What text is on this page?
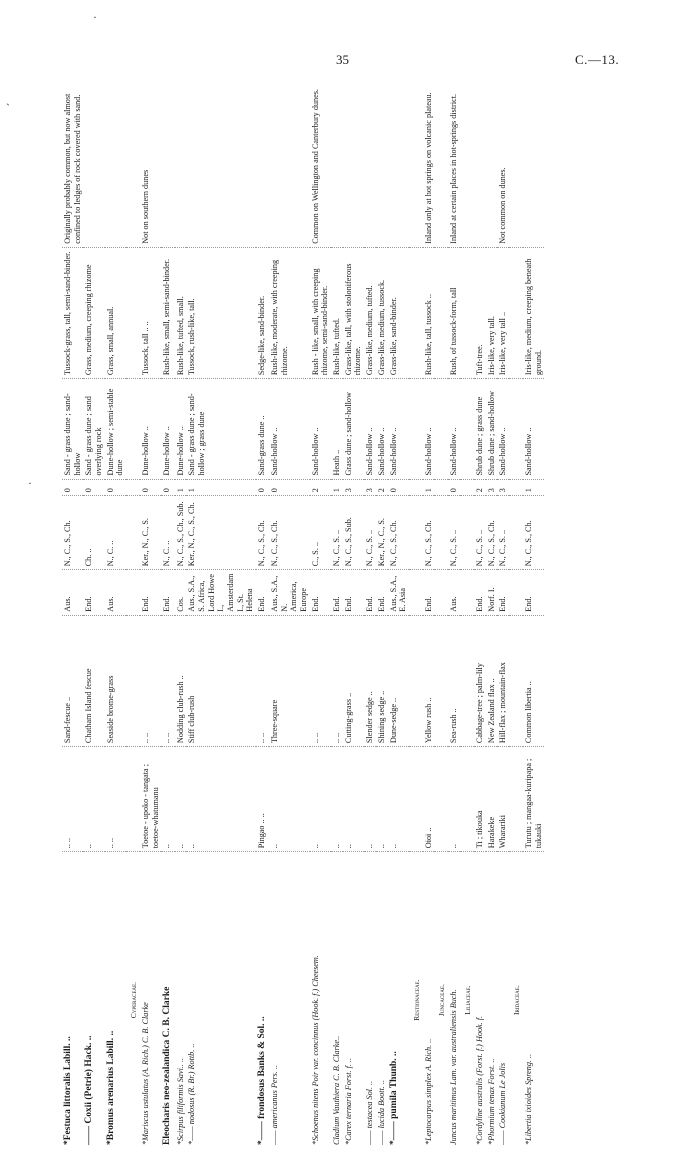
35	C.—13.
ˏ
·
·
*Festuca littoralis Labill. ..	.. ..	Sand-fescue ..	Aus.	N., C., S., Ch.	0	Sand - grass dune ; sand-hollow	Tussock-grass, tall, semi-sand-binder.	Originally probably common, but now almost confined to ledges of rock covered with sand.
—— Coxii (Petrie) Hack. ..	..	Chatham Island fescue	End.	Ch. ..	0	Sand - grass dune ; sand overlying rock	Grass, medium, creeping rhizome	
*Bromus arenarius Labill. ..	.. ..	Seaside brome-grass	Aus.	N., C. ..	0	Dune-hollow ; semi-stable dune	Grass, small, annual.	
Cyperaceae.								
*Mariscus ustulatus (A. Rich.) C. B. Clarke	Toetoe - upoko - tangata ; toetoe-whatumanu	.. ..	End.	Ker., N., C., S.	0	Dune-hollow ..	Tussock, tall .. ..	Not on southern dunes
Eleocharis neo-zealandica C. B. Clarke	..	.. ..	End.	N., C. ..	0	Dune-hollow ..	Rush-like, small, semi-sand-binder.	
*Scirpus filiformis Savi.. ..	..	Nodding club-rush ..	Cos.	N., C., S., Ch., Sub.	1	Dune-hollow ..	Rush-like, tufted, small.	
*—— nodosus (R. Br.) Rottb. ..	..	Stiff club-rush	Aus., S.A., S. Africa, Lord Howe I., Amsterdam I., St. Helena	Ker., N., C., S., Ch.	1	Sand - grass dune ; sand-hollow ; grass dune	Tussock, rush-like, tall.	
*—— frondosus Banks & Sol. ..	Pingao .. ..	.. ..	End.	N., C., S., Ch.	0	Sand-grass dune ..	Sedge-like, sand-binder.	
—— americanus Pers. ..	..	Three-square	Aus., S.A., N. America, Europe	N., C., S., Ch.	0	Sand-hollow ..	Rush-like, moderate, with creeping rhizome.	
*Schoenus nitens Poir var. concinnus (Hook. f.) Cheesem.	..	.. ..	End.	C., S. ..	2	Sand-hollow ..	Rush - like, small, with creeping rhizome, semi-sand-binder.	Common on Wellington and Canterbury dunes.
Cladium Vauthiera C. B. Clarke..	..	.. ..	End.	N., C., S. ..	1	Heath ..	Rush-like, tufted.	
*Carex ternaria Forst. f. ..	..	Cutting-grass ..	End.	N., C., S., Sub.	3	Grass dune ; sand-hollow	Grass-like, tall, with stoloniferous rhizome.	
—— testacea Sol. ..	..	Slender sedge ..	End.	N., C., S. ..	3	Sand-hollow ..	Grass-like, medium, tufted.	
—— lucida Boott. ..	..	Shining sedge ..	End.	Ker., N., C., S.	2	Sand-hollow ..	Grass-like, medium, tussock.	
*—— pumila Thunb. ..	..	Dune-sedge ..	Aus., S.A., E. Asia	N., C., S., Ch.	0	Sand-hollow ..	Grass-like, sand-binder.	
Restionaceae.								
*Leptocarpus simplex A. Rich. ..	Oioi ..	Yellow rush ..	End.	N., C., S., Ch.	1	Sand-hollow ..	Rush-like, tall, tussock ..	Inland only at hot springs on volcanic plateau.
Juncaceae.								
Juncus maritimus Lam. var. australiensis Buch.	..	Sea-rush ..	Aus.	N., C., S. ..	0	Sand-hollow ..	Rush, of tussock-form, tall	Inland at certain places in hot-springs district.
Liliaceae.								
*Cordyline australis (Forst. f.) Hook. f.	Ti ; tikouka	Cabbage-tree ; palm-lily	End.	N., C., S. ..	2	Shrub dune ; grass dune	Tuft-tree.	
*Phormium tenax Forst. ..	Harakeke	New Zealand flax ..	Norf. I.	N., C., S., Ch.	3	Shrub dune ; sand-hollow	Iris-like, very tall.	
—— Cookianum Le Jolis	Wharariki	Hill-flax ; mountain-flax	End.	N., C., S. ..	3	Sand-hollow ..	Iris-like, very tall ..	Not common on dunes.
Iridaceae.								
*Libertia ixioides Spreng. ..	Turutu ; mangaa-kuripapa ; tukauki	Common libertia ..	End.	N., C., S., Ch.	1	Sand-hollow ..	Iris-like, medium, creeping beneath ground.	
